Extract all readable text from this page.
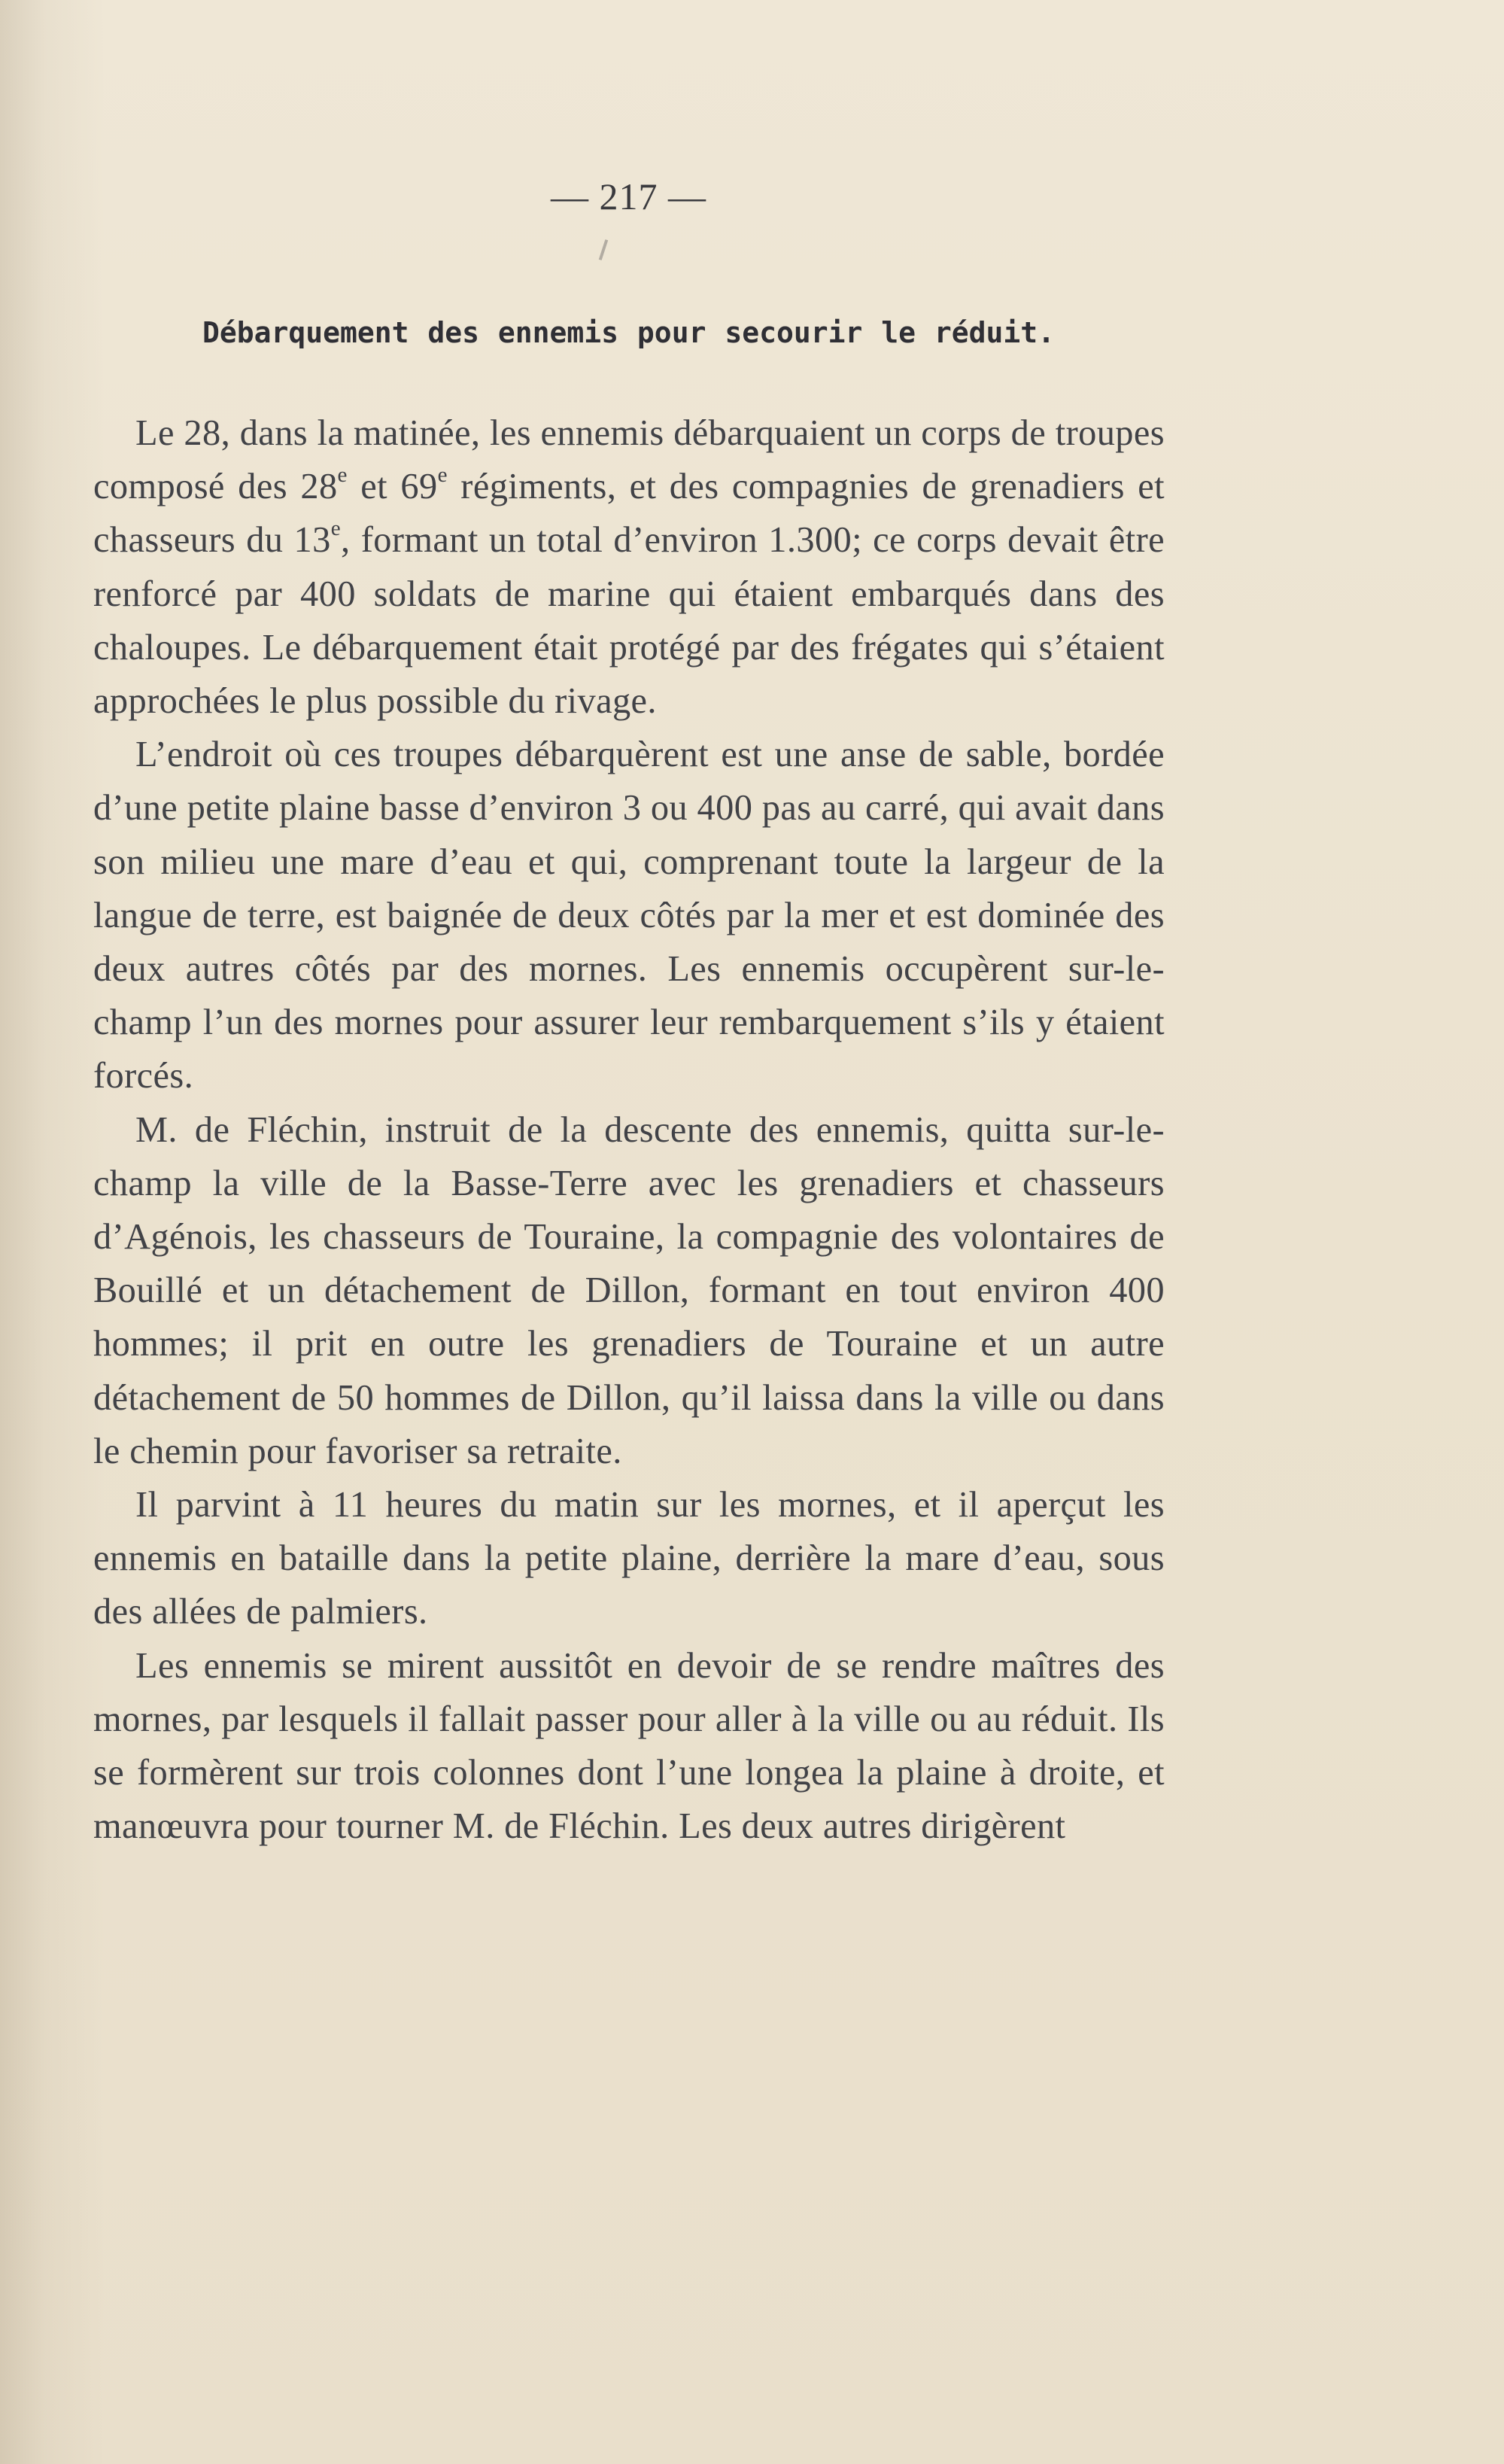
— 217 —
Débarquement des ennemis pour secourir le réduit.

Le 28, dans la matinée, les ennemis débarquaient un corps de troupes composé des 28e et 69e régiments, et des compagnies de grenadiers et chasseurs du 13e, formant un total d’environ 1.300; ce corps devait être renforcé par 400 soldats de marine qui étaient embarqués dans des chaloupes. Le débarquement était protégé par des frégates qui s’étaient approchées le plus possible du rivage.

L’endroit où ces troupes débarquèrent est une anse de sable, bordée d’une petite plaine basse d’environ 3 ou 400 pas au carré, qui avait dans son milieu une mare d’eau et qui, comprenant toute la largeur de la langue de terre, est baignée de deux côtés par la mer et est dominée des deux autres côtés par des mornes. Les ennemis occupèrent sur-le-champ l’un des mornes pour assurer leur rembarquement s’ils y étaient forcés.

M. de Fléchin, instruit de la descente des ennemis, quitta sur-le-champ la ville de la Basse-Terre avec les grenadiers et chasseurs d’Agénois, les chasseurs de Touraine, la compagnie des volontaires de Bouillé et un détachement de Dillon, formant en tout environ 400 hommes; il prit en outre les grenadiers de Touraine et un autre détachement de 50 hommes de Dillon, qu’il laissa dans la ville ou dans le chemin pour favoriser sa retraite.

Il parvint à 11 heures du matin sur les mornes, et il aperçut les ennemis en bataille dans la petite plaine, derrière la mare d’eau, sous des allées de palmiers.

Les ennemis se mirent aussitôt en devoir de se rendre maîtres des mornes, par lesquels il fallait passer pour aller à la ville ou au réduit. Ils se formèrent sur trois colonnes dont l’une longea la plaine à droite, et manœuvra pour tourner M. de Fléchin. Les deux autres dirigèrent
